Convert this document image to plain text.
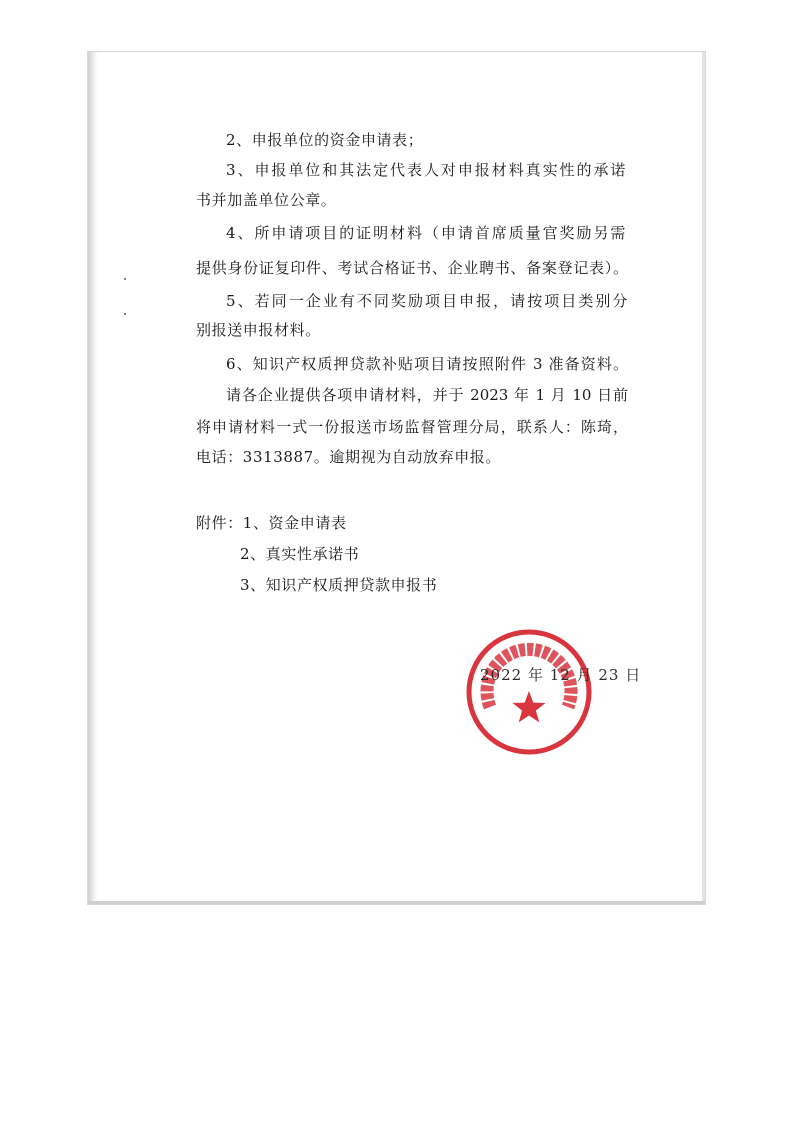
2、申报单位的资金申请表；
3、申报单位和其法定代表人对申报材料真实性的承诺
书并加盖单位公章。
4、所申请项目的证明材料（申请首席质量官奖励另需
提供身份证复印件、考试合格证书、企业聘书、备案登记表）。
5、若同一企业有不同奖励项目申报，请按项目类别分
别报送申报材料。
6、知识产权质押贷款补贴项目请按照附件 3 准备资料。
请各企业提供各项申请材料，并于 2023 年 1 月 10 日前
将申请材料一式一份报送市场监督管理分局，联系人：陈琦，
电话：3313887。逾期视为自动放弃申报。
附件：1、资金申请表
2、真实性承诺书
3、知识产权质押贷款申报书
2022 年 12 月 23 日
